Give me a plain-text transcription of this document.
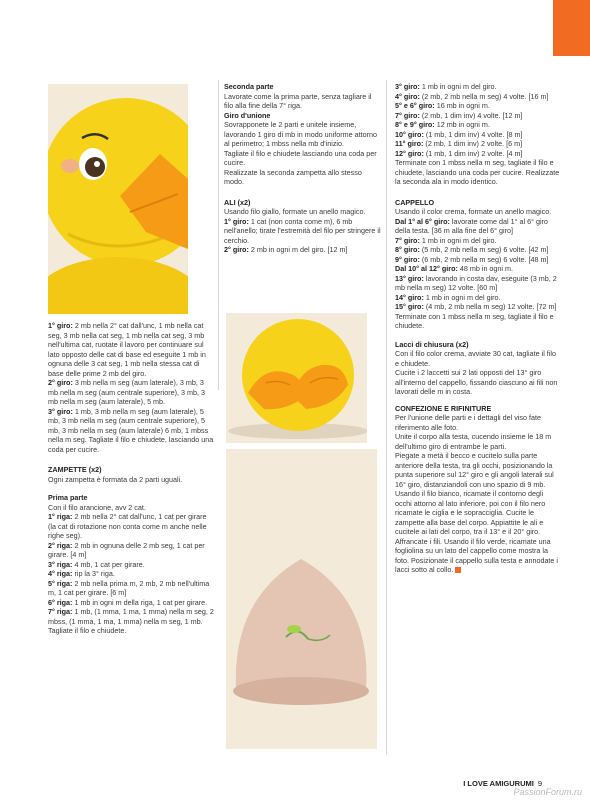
1° giro: 2 mb nella 2° cat dall'unc, 1 mb nella cat seg, 3 mb nella cat seg, 1 mb nella cat seg, 3 mb nell'ultima cat, ruotate il lavoro per continuare sul lato opposto delle cat di base ed eseguite 1 mb in ognuna delle 3 cat seg, 1 mb nella stessa cat di base delle prime 2 mb del giro.

2° giro: 3 mb nella m seg (aum laterale), 3 mb, 3 mb nella m seg (aum centrale superiore), 3 mb, 3 mb nella m seg (aum laterale), 5 mb.

3° giro: 1 mb, 3 mb nella m seg (aum laterale), 5 mb, 3 mb nella m seg (aum centrale superiore), 5 mb, 3 mb nella m seg (aum laterale) 6 mb, 1 mbss nella m seg. Tagliate il filo e chiudete, lasciando una coda per cucire.

ZAMPETTE (x2)

Ogni zampetta è formata da 2 parti uguali.

Prima parte

Con il filo arancione, avv 2 cat.

1° riga: 2 mb nella 2° cat dall'unc, 1 cat per girare (la cat di rotazione non conta come m anche nelle righe seg).

2° riga: 2 mb in ognuna delle 2 mb seg, 1 cat per girare. [4 m]

3° riga: 4 mb, 1 cat per girare.

4° riga: rip la 3° riga.

5° riga: 2 mb nella prima m, 2 mb, 2 mb nell'ultima m, 1 cat per girare. [6 m]

6° riga: 1 mb in ogni m della riga, 1 cat per girare.

7° riga: 1 mb, (1 mma, 1 ma, 1 mma) nella m seg, 2 mbss, (1 mma, 1 ma, 1 mma) nella m seg, 1 mb. Tagliate il filo e chiudete.

Seconda parte

Lavorate come la prima parte, senza tagliare il filo alla fine della 7° riga.

Giro d'unione

Sovrapponete le 2 parti e unitele insieme, lavorando 1 giro di mb in modo uniforme attorno al perimetro; 1 mbss nella mb d'inizio.

Tagliate il filo e chiudete lasciando una coda per cucire.

Realizzate la seconda zampetta allo stesso modo.

ALI (x2)

Usando filo giallo, formate un anello magico.

1° giro: 1 cat (non conta come m), 6 mb nell'anello; tirate l'estremità del filo per stringere il cerchio.

2° giro: 2 mb in ogni m del giro. [12 m]

3° giro: 1 mb in ogni m del giro.

4° giro: (2 mb, 2 mb nella m seg) 4 volte. [16 m]

5° e 6° giro: 16 mb in ogni m.

7° giro: (2 mb, 1 dim inv) 4 volte. [12 m]

8° e 9° giro: 12 mb in ogni m.

10° giro: (1 mb, 1 dim inv) 4 volte. [8 m]

11° giro: (2 mb, 1 dim inv) 2 volte. [6 m]

12° giro: (1 mb, 1 dim inv) 2 volte. [4 m]

Terminate con 1 mbss nella m seg, tagliate il filo e chiudete, lasciando una coda per cucire. Realizzate la seconda ala in modo identico.

CAPPELLO

Usando il color crema, formate un anello magico.

Dal 1° al 6° giro: lavorate come dal 1° al 6° giro della testa. [36 m alla fine del 6° giro]

7° giro: 1 mb in ogni m del giro.

8° giro: (5 mb, 2 mb nella m seg) 6 volte. [42 m]

9° giro: (6 mb, 2 mb nella m seg) 6 volte. [48 m]

Dal 10° al 12° giro: 48 mb in ogni m.

13° giro: lavorando in costa dav, eseguite (3 mb, 2 mb nella m seg) 12 volte. [60 m]

14° giro: 1 mb in ogni m del giro.

15° giro: (4 mb, 2 mb nella m seg) 12 volte. [72 m]

Terminate con 1 mbss nella m seg, tagliate il filo e chiudete.

Lacci di chiusura (x2)

Con il filo color crema, avviate 30 cat, tagliate il filo e chiudete.

Cucite i 2 laccetti sui 2 lati opposti del 13° giro all'interno del cappello, fissando ciascuno ai fili non lavorati delle m in costa.

CONFEZIONE E RIFINITURE

Per l'unione delle parti e i dettagli del viso fate riferimento alle foto.

Unite il corpo alla testa, cucendo insieme le 18 m dell'ultimo giro di entrambe le parti.

Piegate a metà il becco e cucitelo sulla parte anteriore della testa, tra gli occhi, posizionando la punta superiore sul 12° giro e gli angoli laterali sul 16° giro, distanziandoli con uno spazio di 9 mb. Usando il filo bianco, ricamate il contorno degli occhi attorno al lato inferiore, poi con il filo nero ricamate le ciglia e le sopracciglia. Cucite le zampette alla base del corpo. Appiattite le ali e cucitele ai lati del corpo, tra il 13° e il 20° giro. Affrancate i fili. Usando il filo verde, ricamate una fogliolina su un lato del cappello come mostra la foto. Posizionate il cappello sulla testa e annodate i lacci sotto al collo.

I LOVE AMIGURUMI 9
PassionForum.ru
